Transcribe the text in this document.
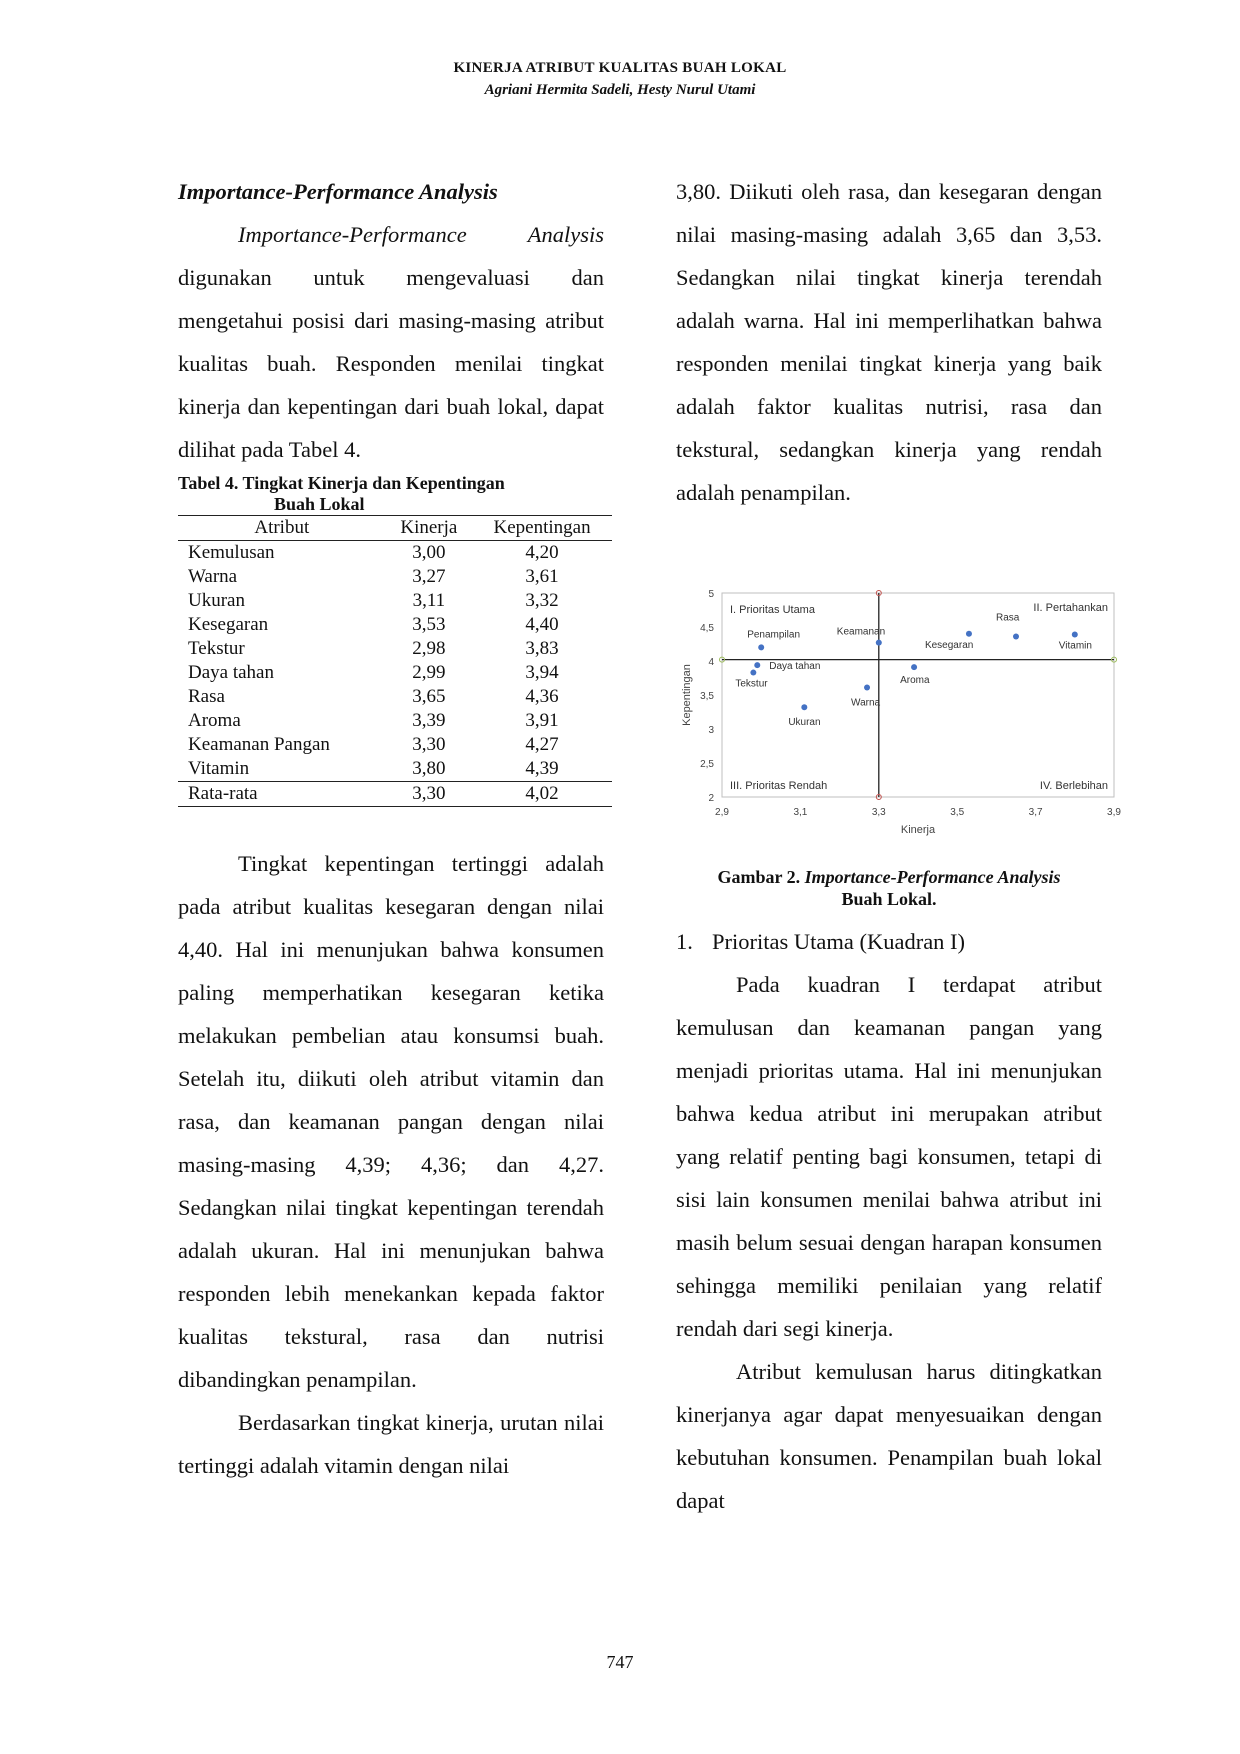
KINERJA ATRIBUT KUALITAS BUAH LOKAL
Agriani Hermita Sadeli, Hesty Nurul Utami
Importance-Performance Analysis

Importance-Performance Analysis digunakan untuk mengevaluasi dan mengetahui posisi dari masing-masing atribut kualitas buah. Responden menilai tingkat kinerja dan kepentingan dari buah lokal, dapat dilihat pada Tabel 4.

Tabel 4. Tingkat Kinerja dan Kepentingan
Buah Lokal
Atribut	Kinerja	Kepentingan
Kemulusan	3,00	4,20
Warna	3,27	3,61
Ukuran	3,11	3,32
Kesegaran	3,53	4,40
Tekstur	2,98	3,83
Daya tahan	2,99	3,94
Rasa	3,65	4,36
Aroma	3,39	3,91
Keamanan Pangan	3,30	4,27
Vitamin	3,80	4,39
Rata-rata	3,30	4,02

Tingkat kepentingan tertinggi adalah pada atribut kualitas kesegaran dengan nilai 4,40. Hal ini menunjukan bahwa konsumen paling memperhatikan kesegaran ketika melakukan pembelian atau konsumsi buah. Setelah itu, diikuti oleh atribut vitamin dan rasa, dan keamanan pangan dengan nilai masing-masing 4,39; 4,36; dan 4,27. Sedangkan nilai tingkat kepentingan terendah adalah ukuran. Hal ini menunjukan bahwa responden lebih menekankan kepada faktor kualitas tekstural, rasa dan nutrisi dibandingkan penampilan.

Berdasarkan tingkat kinerja, urutan nilai tertinggi adalah vitamin dengan nilai

3,80. Diikuti oleh rasa, dan kesegaran dengan nilai masing-masing adalah 3,65 dan 3,53. Sedangkan nilai tingkat kinerja terendah adalah warna. Hal ini memperlihatkan bahwa responden menilai tingkat kinerja yang baik adalah faktor kualitas nutrisi, rasa dan tekstural, sedangkan kinerja yang rendah adalah penampilan.

2,9	3,1	3,3	3,5	3,7	3,9
2
2,5
3
3,5
4
4,5
5
Kinerja
Kepentingan
I. Prioritas Utama	II. Pertahankan
III. Prioritas Rendah	IV. Berlebihan
Penampilan	Keamanan
Kesegaran
Rasa
Vitamin
Daya tahan
Tekstur	Aroma
Warna
Ukuran
Gambar 2. Importance-Performance Analysis
Buah Lokal.
1. Prioritas Utama (Kuadran I)

Pada kuadran I terdapat atribut kemulusan dan keamanan pangan yang menjadi prioritas utama. Hal ini menunjukan bahwa kedua atribut ini merupakan atribut yang relatif penting bagi konsumen, tetapi di sisi lain konsumen menilai bahwa atribut ini masih belum sesuai dengan harapan konsumen sehingga memiliki penilaian yang relatif rendah dari segi kinerja.

Atribut kemulusan harus ditingkatkan kinerjanya agar dapat menyesuaikan dengan kebutuhan konsumen. Penampilan buah lokal dapat

747
